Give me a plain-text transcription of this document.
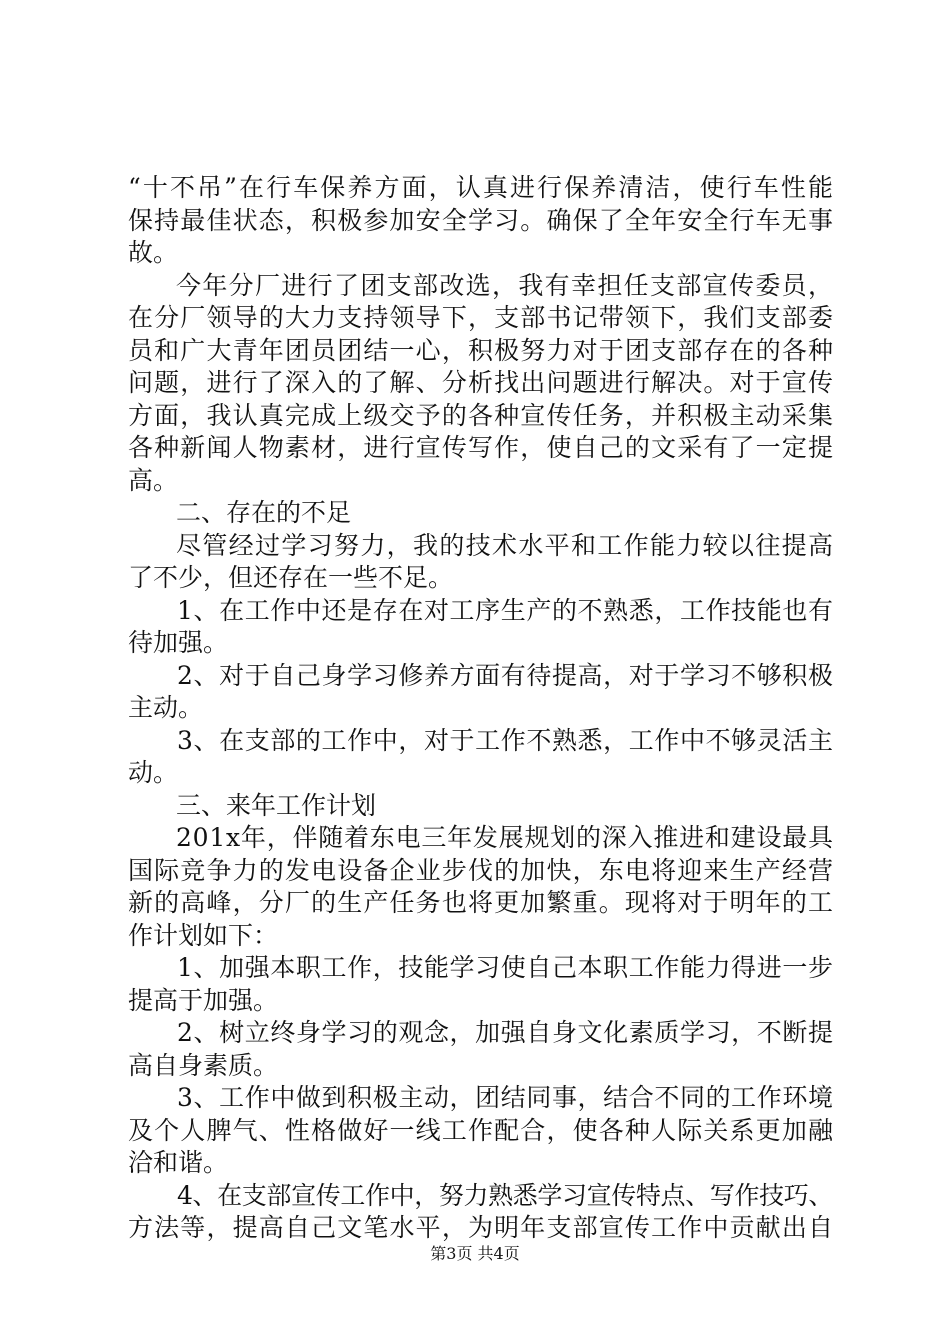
“十不吊”在行车保养方面，认真进行保养清洁，使行车性能
保持最佳状态，积极参加安全学习。确保了全年安全行车无事
故。
今年分厂进行了团支部改选，我有幸担任支部宣传委员，
在分厂领导的大力支持领导下，支部书记带领下，我们支部委
员和广大青年团员团结一心，积极努力对于团支部存在的各种
问题，进行了深入的了解、分析找出问题进行解决。对于宣传
方面，我认真完成上级交予的各种宣传任务，并积极主动采集
各种新闻人物素材，进行宣传写作，使自己的文采有了一定提
高。
二、存在的不足
尽管经过学习努力，我的技术水平和工作能力较以往提高
了不少，但还存在一些不足。
1、在工作中还是存在对工序生产的不熟悉，工作技能也有
待加强。
2、对于自己身学习修养方面有待提高，对于学习不够积极
主动。
3、在支部的工作中，对于工作不熟悉，工作中不够灵活主
动。
三、来年工作计划
201x年，伴随着东电三年发展规划的深入推进和建设最具
国际竞争力的发电设备企业步伐的加快，东电将迎来生产经营
新的高峰，分厂的生产任务也将更加繁重。现将对于明年的工
作计划如下：
1、加强本职工作，技能学习使自己本职工作能力得进一步
提高于加强。
2、树立终身学习的观念，加强自身文化素质学习，不断提
高自身素质。
3、工作中做到积极主动，团结同事，结合不同的工作环境
及个人脾气、性格做好一线工作配合，使各种人际关系更加融
洽和谐。
4、在支部宣传工作中，努力熟悉学习宣传特点、写作技巧、
方法等，提高自己文笔水平，为明年支部宣传工作中贡献出自
第3页 共4页
